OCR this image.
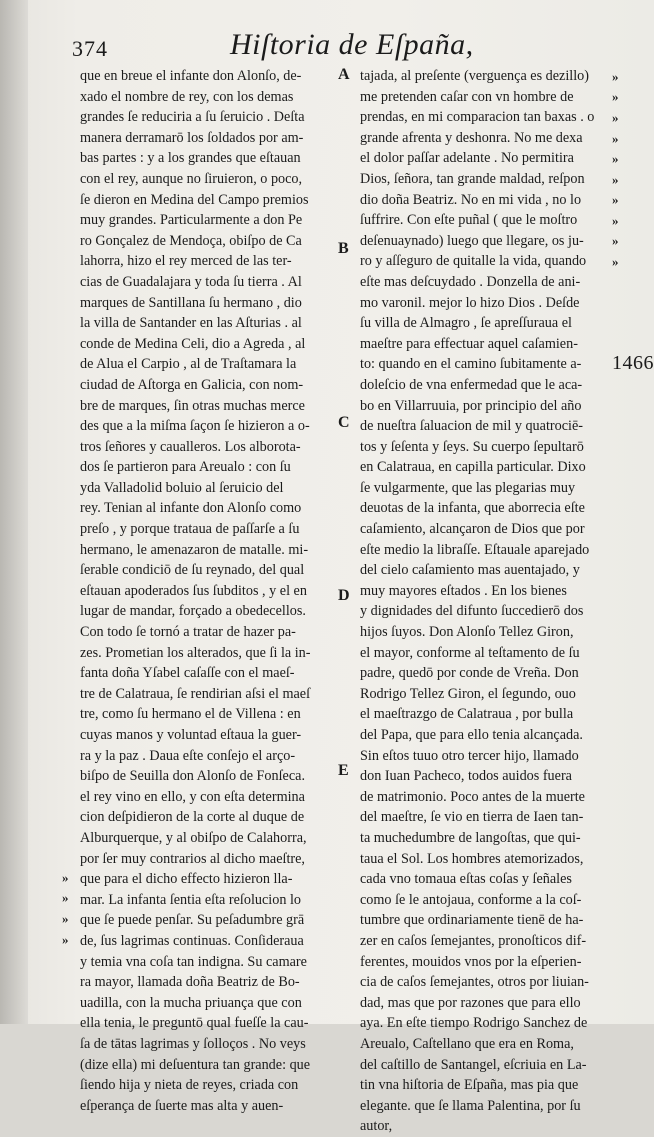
374	Hiſtoria de Eſpaña,
que en breue el infante don Alonſo, de-
xado el nombre de rey, con los demas
grandes ſe reduciria a ſu ſeruicio . Deſta
manera derramarō los ſoldados por am-
bas partes : y a los grandes que eſtauan
con el rey, aunque no ſiruieron, o poco,
ſe dieron en Medina del Campo premios
muy grandes. Particularmente a don Pe
ro Gonçalez de Mendoça, obiſpo de Ca
lahorra, hizo el rey merced de las ter-
cias de Guadalajara y toda ſu tierra . Al
marques de Santillana ſu hermano , dio
la villa de Santander en las Aſturias . al
conde de Medina Celi, dio a Agreda , al
de Alua el Carpio , al de Traſtamara la
ciudad de Aſtorga en Galicia, con nom-
bre de marques, ſin otras muchas merce
des que a la miſma ſaçon ſe hizieron a o-
tros ſeñores y caualleros. Los alborota-
dos ſe partieron para Areualo : con ſu
yda Valladolid boluio al ſeruicio del
rey. Tenian al infante don Alonſo como
preſo , y porque trataua de paſſarſe a ſu
hermano, le amenazaron de matalle. mi-
ſerable condiciō de ſu reynado, del qual
eſtauan apoderados ſus ſubditos , y el en
lugar de mandar, forçado a obedecellos.
Con todo ſe tornó a tratar de hazer pa-
zes. Prometian los alterados, que ſi la in-
fanta doña Yſabel caſaſſe con el maeſ-
tre de Calatraua, ſe rendirian aſsi el maeſ
tre, como ſu hermano el de Villena : en
cuyas manos y voluntad eſtaua la guer-
ra y la paz . Daua eſte conſejo el arço-
biſpo de Seuilla don Alonſo de Fonſeca.
el rey vino en ello, y con eſta determina
cion deſpidieron de la corte al duque de
Alburquerque, y al obiſpo de Calahorra,
por ſer muy contrarios al dicho maeſtre,
que para el dicho effecto hizieron lla-
mar. La infanta ſentia eſta reſolucion lo
que ſe puede penſar. Su peſadumbre grā
de, ſus lagrimas continuas. Conſideraua
y temia vna coſa tan indigna. Su camare
ra mayor, llamada doña Beatriz de Bo-
uadilla, con la mucha priuança que con
ella tenia, le preguntō qual fueſſe la cau-
ſa de tātas lagrimas y ſolloços . No veys
(dize ella) mi deſuentura tan grande: que
ſiendo hija y nieta de reyes, criada con
eſperança de ſuerte mas alta y auen-
tajada, al preſente (verguença es dezillo)
me pretenden caſar con vn hombre de
prendas, en mi comparacion tan baxas . o
grande afrenta y deshonra. No me dexa
el dolor paſſar adelante . No permitira
Dios, ſeñora, tan grande maldad, reſpon
dio doña Beatriz. No en mi vida , no lo
ſuffrire. Con eſte puñal ( que le moſtro
deſenuaynado) luego que llegare, os ju-
ro y aſſeguro de quitalle la vida, quando
eſte mas deſcuydado . Donzella de ani-
mo varonil. mejor lo hizo Dios . Deſde
ſu villa de Almagro , ſe apreſſuraua el
maeſtre para effectuar aquel caſamien-
to: quando en el camino ſubitamente a-
doleſcio de vna enfermedad que le aca-
bo en Villarruuia, por principio del año
de nueſtra ſaluacion de mil y quatrociē-
tos y ſeſenta y ſeys. Su cuerpo ſepultarō
en Calatraua, en capilla particular. Dixo
ſe vulgarmente, que las plegarias muy
deuotas de la infanta, que aborrecia eſte
caſamiento, alcançaron de Dios que por
eſte medio la libraſſe. Eſtauale aparejado
del cielo caſamiento mas auentajado, y
muy mayores eſtados . En los bienes
y dignidades del difunto ſuccedierō dos
hijos ſuyos. Don Alonſo Tellez Giron,
el mayor, conforme al teſtamento de ſu
padre, quedō por conde de Vreña. Don
Rodrigo Tellez Giron, el ſegundo, ouo
el maeſtrazgo de Calatraua , por bulla
del Papa, que para ello tenia alcançada.
Sin eſtos tuuo otro tercer hijo, llamado
don Iuan Pacheco, todos auidos fuera
de matrimonio. Poco antes de la muerte
del maeſtre, ſe vio en tierra de Iaen tan-
ta muchedumbre de langoſtas, que qui-
taua el Sol. Los hombres atemorizados,
cada vno tomaua eſtas coſas y ſeñales
como ſe le antojaua, conforme a la coſ-
tumbre que ordinariamente tienē de ha-
zer en caſos ſemejantes, pronoſticos dif-
ferentes, mouidos vnos por la eſperien-
cia de caſos ſemejantes, otros por liuian-
dad, mas que por razones que para ello
aya. En eſte tiempo Rodrigo Sanchez de
Areualo, Caſtellano que era en Roma,
del caſtillo de Santangel, eſcriuia en La-
tin vna hiſtoria de Eſpaña, mas pia que
elegante. que ſe llama Palentina, por ſu
autor,
A
B
C
D
E
1466
»
»
»
»
»
»
»
»
»
»
»
»
»
»
